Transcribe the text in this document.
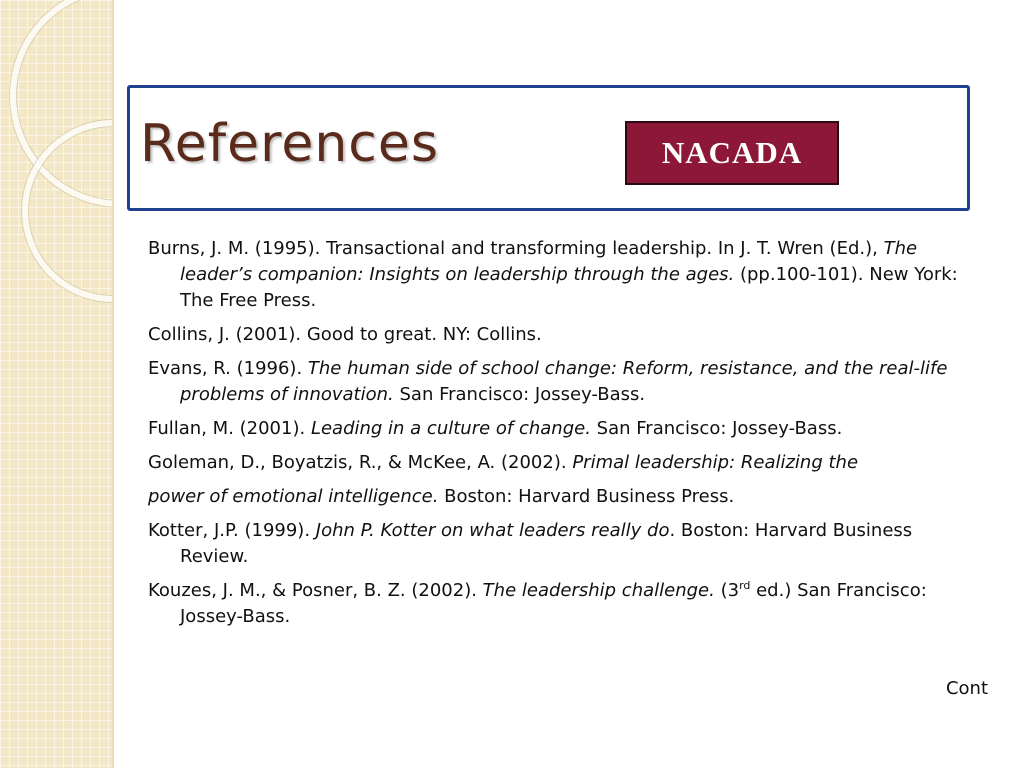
References	NACADA

Burns, J. M. (1995). Transactional and transforming leadership. In J. T. Wren (Ed.), The leader’s companion: Insights on leadership through the ages. (pp.100-101). New York: The Free Press.

Collins, J. (2001). Good to great. NY: Collins.

Evans, R. (1996). The human side of school change: Reform, resistance, and the real-life problems of innovation. San Francisco: Jossey-Bass.

Fullan, M. (2001). Leading in a culture of change. San Francisco: Jossey-Bass.

Goleman, D., Boyatzis, R., & McKee, A. (2002). Primal leadership: Realizing the
power of emotional intelligence. Boston: Harvard Business Press.

Kotter, J.P. (1999). John P. Kotter on what leaders really do. Boston: Harvard Business Review.

Kouzes, J. M., & Posner, B. Z. (2002). The leadership challenge. (3rd ed.) San Francisco: Jossey-Bass.

Cont
